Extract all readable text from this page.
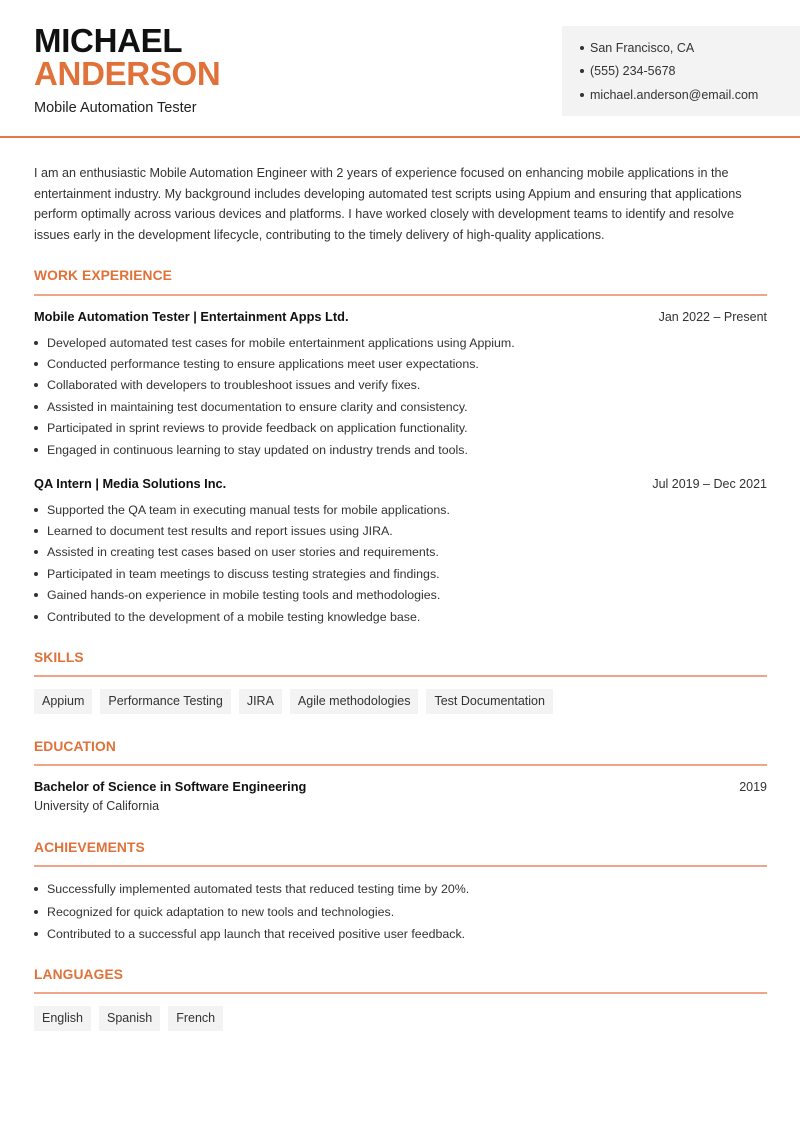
MICHAEL
ANDERSON
Mobile Automation Tester
San Francisco, CA
(555) 234-5678
michael.anderson@email.com

I am an enthusiastic Mobile Automation Engineer with 2 years of experience focused on enhancing mobile applications in the entertainment industry. My background includes developing automated test scripts using Appium and ensuring that applications perform optimally across various devices and platforms. I have worked closely with development teams to identify and resolve issues early in the development lifecycle, contributing to the timely delivery of high-quality applications.

WORK EXPERIENCE
Mobile Automation Tester | Entertainment Apps Ltd.	Jan 2022 – Present
Developed automated test cases for mobile entertainment applications using Appium.
Conducted performance testing to ensure applications meet user expectations.
Collaborated with developers to troubleshoot issues and verify fixes.
Assisted in maintaining test documentation to ensure clarity and consistency.
Participated in sprint reviews to provide feedback on application functionality.
Engaged in continuous learning to stay updated on industry trends and tools.
QA Intern | Media Solutions Inc.	Jul 2019 – Dec 2021
Supported the QA team in executing manual tests for mobile applications.
Learned to document test results and report issues using JIRA.
Assisted in creating test cases based on user stories and requirements.
Participated in team meetings to discuss testing strategies and findings.
Gained hands-on experience in mobile testing tools and methodologies.
Contributed to the development of a mobile testing knowledge base.
SKILLS
Appium	Performance Testing	JIRA	Agile methodologies	Test Documentation
EDUCATION
Bachelor of Science in Software Engineering	2019
University of California
ACHIEVEMENTS
Successfully implemented automated tests that reduced testing time by 20%.
Recognized for quick adaptation to new tools and technologies.
Contributed to a successful app launch that received positive user feedback.
LANGUAGES
English	Spanish	French
